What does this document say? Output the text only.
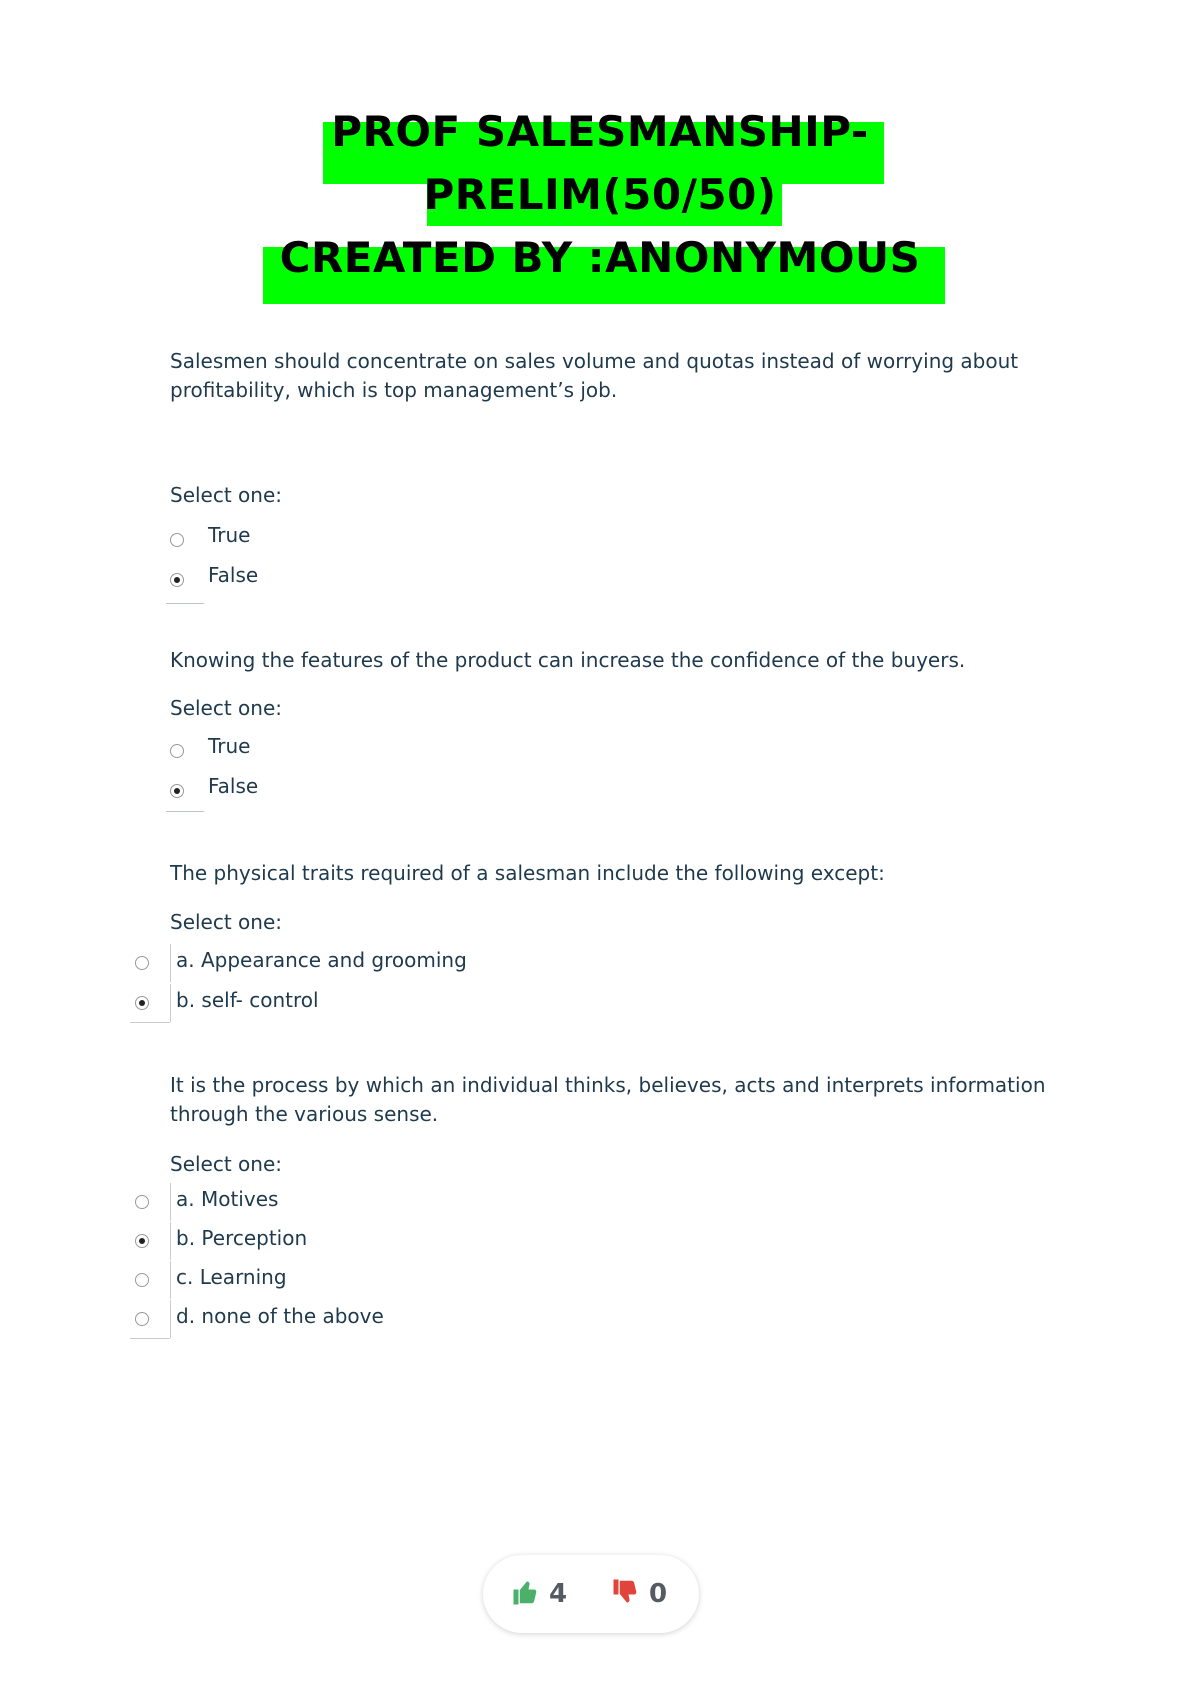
PROF SALESMANSHIP-
PRELIM(50/50)
CREATED BY :ANONYMOUS
Salesmen should concentrate on sales volume and quotas instead of worrying about
profitability, which is top management’s job.
Select one:
True
False
Knowing the features of the product can increase the confidence of the buyers.
Select one:
True
False
The physical traits required of a salesman include the following except:
Select one:
a. Appearance and grooming
b. self- control
It is the process by which an individual thinks, believes, acts and interprets information
through the various sense.
Select one:
a. Motives
b. Perception
c. Learning
d. none of the above
4	0
